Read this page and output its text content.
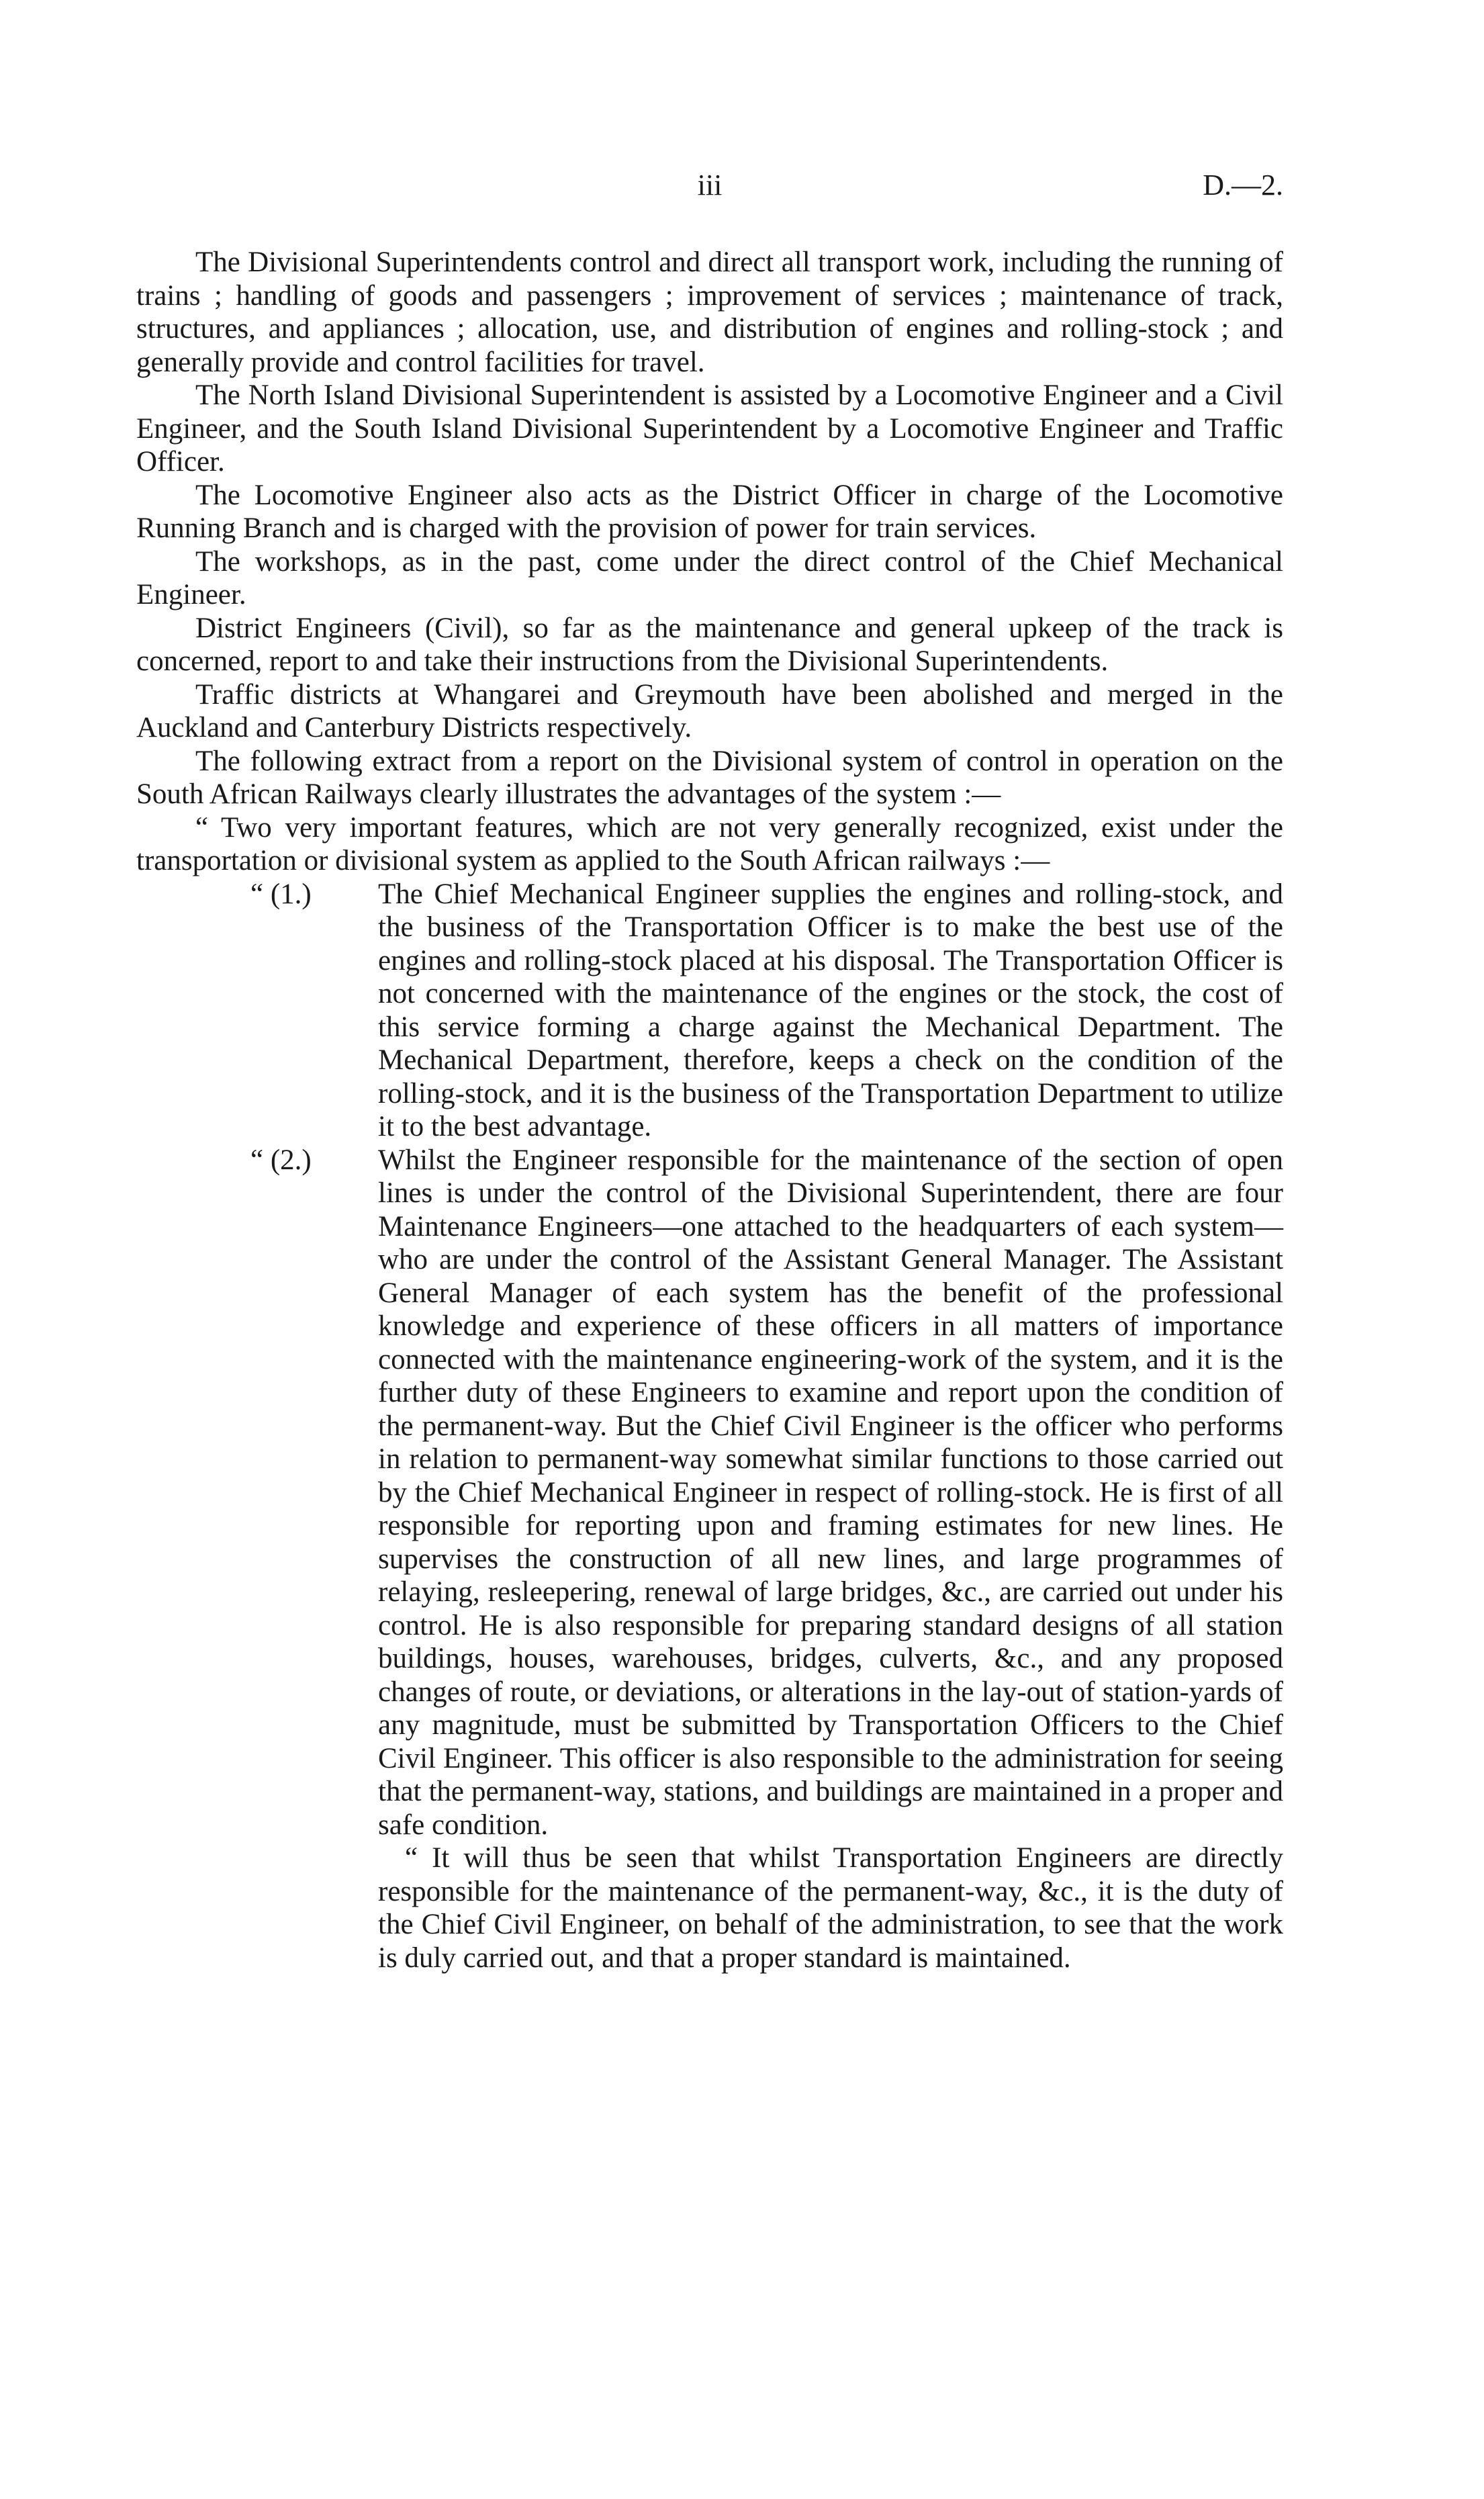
iii	D.—2.

The Divisional Superintendents control and direct all transport work, including the running of trains ; handling of goods and passengers ; improvement of services ; maintenance of track, structures, and appliances ; allocation, use, and distribution of engines and rolling-stock ; and generally provide and control facilities for travel.

The North Island Divisional Superintendent is assisted by a Locomotive Engineer and a Civil Engineer, and the South Island Divisional Superintendent by a Locomotive Engineer and Traffic Officer.

The Locomotive Engineer also acts as the District Officer in charge of the Locomotive Running Branch and is charged with the provision of power for train services.

The workshops, as in the past, come under the direct control of the Chief Mechanical Engineer.

District Engineers (Civil), so far as the maintenance and general upkeep of the track is concerned, report to and take their instructions from the Divisional Superintendents.

Traffic districts at Whangarei and Greymouth have been abolished and merged in the Auckland and Canterbury Districts respectively.

The following extract from a report on the Divisional system of control in operation on the South African Railways clearly illustrates the advantages of the system :—

“ Two very important features, which are not very generally recognized, exist under the transportation or divisional system as applied to the South African railways :—

“ (1.)	The Chief Mechanical Engineer supplies the engines and rolling-stock, and the business of the Transportation Officer is to make the best use of the engines and rolling-stock placed at his disposal. The Transportation Officer is not concerned with the maintenance of the engines or the stock, the cost of this service forming a charge against the Mechanical Department. The Mechanical Department, therefore, keeps a check on the condition of the rolling-stock, and it is the business of the Transportation Department to utilize it to the best advantage.

“ (2.)	Whilst the Engineer responsible for the maintenance of the section of open lines is under the control of the Divisional Superintendent, there are four Maintenance Engineers—one attached to the headquarters of each system—who are under the control of the Assistant General Manager. The Assistant General Manager of each system has the benefit of the professional knowledge and experience of these officers in all matters of importance connected with the maintenance engineering-work of the system, and it is the further duty of these Engineers to examine and report upon the condition of the permanent-way. But the Chief Civil Engineer is the officer who performs in relation to permanent-way somewhat similar functions to those carried out by the Chief Mechanical Engineer in respect of rolling-stock. He is first of all responsible for reporting upon and framing estimates for new lines. He supervises the construction of all new lines, and large programmes of relaying, resleepering, renewal of large bridges, &c., are carried out under his control. He is also responsible for preparing standard designs of all station buildings, houses, warehouses, bridges, culverts, &c., and any proposed changes of route, or deviations, or alterations in the lay-out of station-yards of any magnitude, must be submitted by Transportation Officers to the Chief Civil Engineer. This officer is also responsible to the administration for seeing that the permanent-way, stations, and buildings are maintained in a proper and safe condition.

“ It will thus be seen that whilst Transportation Engineers are directly responsible for the maintenance of the permanent-way, &c., it is the duty of the Chief Civil Engineer, on behalf of the administration, to see that the work is duly carried out, and that a proper standard is maintained.
